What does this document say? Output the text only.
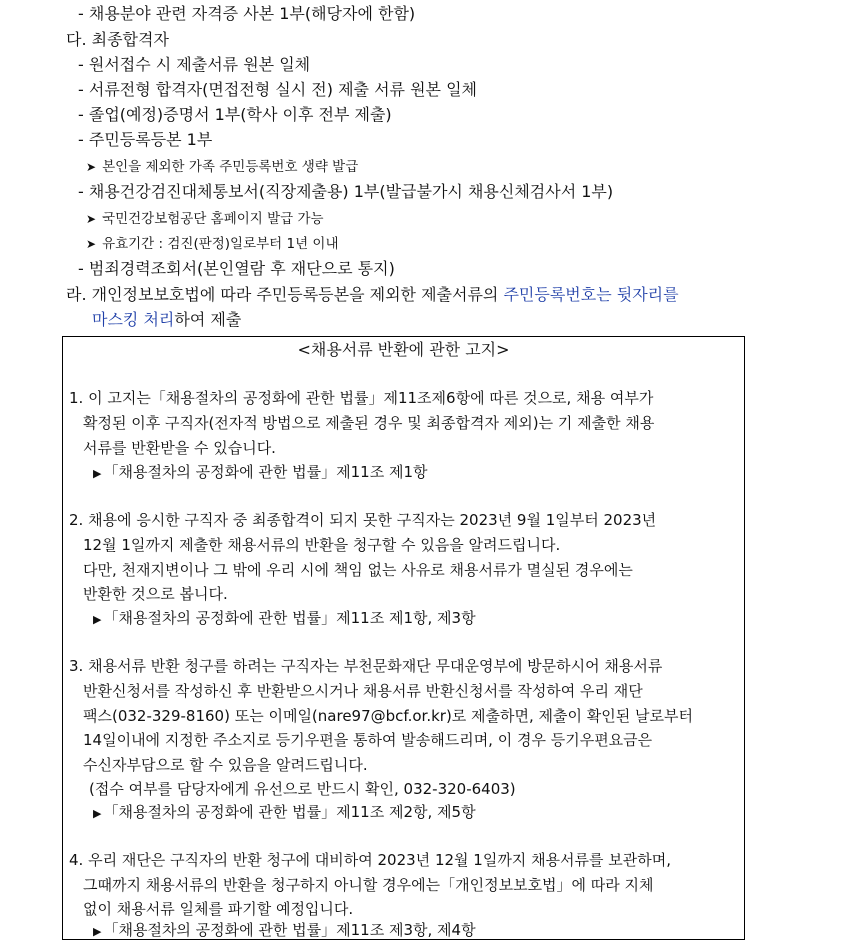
- 채용분야 관련 자격증 사본 1부(해당자에 한함)
다. 최종합격자
- 원서접수 시 제출서류 원본 일체
- 서류전형 합격자(면접전형 실시 전) 제출 서류 원본 일체
- 졸업(예정)증명서 1부(학사 이후 전부 제출)
- 주민등록등본 1부
➤ 본인을 제외한 가족 주민등록번호 생략 발급
- 채용건강검진대체통보서(직장제출용) 1부(발급불가시 채용신체검사서 1부)
➤ 국민건강보험공단 홈페이지 발급 가능
➤ 유효기간 : 검진(판정)일로부터 1년 이내
- 범죄경력조회서(본인열람 후 재단으로 통지)
라. 개인정보보호법에 따라 주민등록등본을 제외한 제출서류의 주민등록번호는 뒷자리를
마스킹 처리하여 제출
<채용서류 반환에 관한 고지>
1. 이 고지는「채용절차의 공정화에 관한 법률」제11조제6항에 따른 것으로, 채용 여부가
확정된 이후 구직자(전자적 방법으로 제출된 경우 및 최종합격자 제외)는 기 제출한 채용
서류를 반환받을 수 있습니다.
▶ 「채용절차의 공정화에 관한 법률」제11조 제1항
2. 채용에 응시한 구직자 중 최종합격이 되지 못한 구직자는 2023년 9월 1일부터 2023년
12월 1일까지 제출한 채용서류의 반환을 청구할 수 있음을 알려드립니다.
다만, 천재지변이나 그 밖에 우리 시에 책임 없는 사유로 채용서류가 멸실된 경우에는
반환한 것으로 봅니다.
▶ 「채용절차의 공정화에 관한 법률」제11조 제1항, 제3항
3. 채용서류 반환 청구를 하려는 구직자는 부천문화재단 무대운영부에 방문하시어 채용서류
반환신청서를 작성하신 후 반환받으시거나 채용서류 반환신청서를 작성하여 우리 재단
팩스(032-329-8160) 또는 이메일(nare97@bcf.or.kr)로 제출하면, 제출이 확인된 날로부터
14일이내에 지정한 주소지로 등기우편을 통하여 발송해드리며, 이 경우 등기우편요금은
수신자부담으로 할 수 있음을 알려드립니다.
(접수 여부를 담당자에게 유선으로 반드시 확인, 032-320-6403)
▶ 「채용절차의 공정화에 관한 법률」제11조 제2항, 제5항
4. 우리 재단은 구직자의 반환 청구에 대비하여 2023년 12월 1일까지 채용서류를 보관하며,
그때까지 채용서류의 반환을 청구하지 아니할 경우에는「개인정보보호법」에 따라 지체
없이 채용서류 일체를 파기할 예정입니다.
▶ 「채용절차의 공정화에 관한 법률」제11조 제3항, 제4항
